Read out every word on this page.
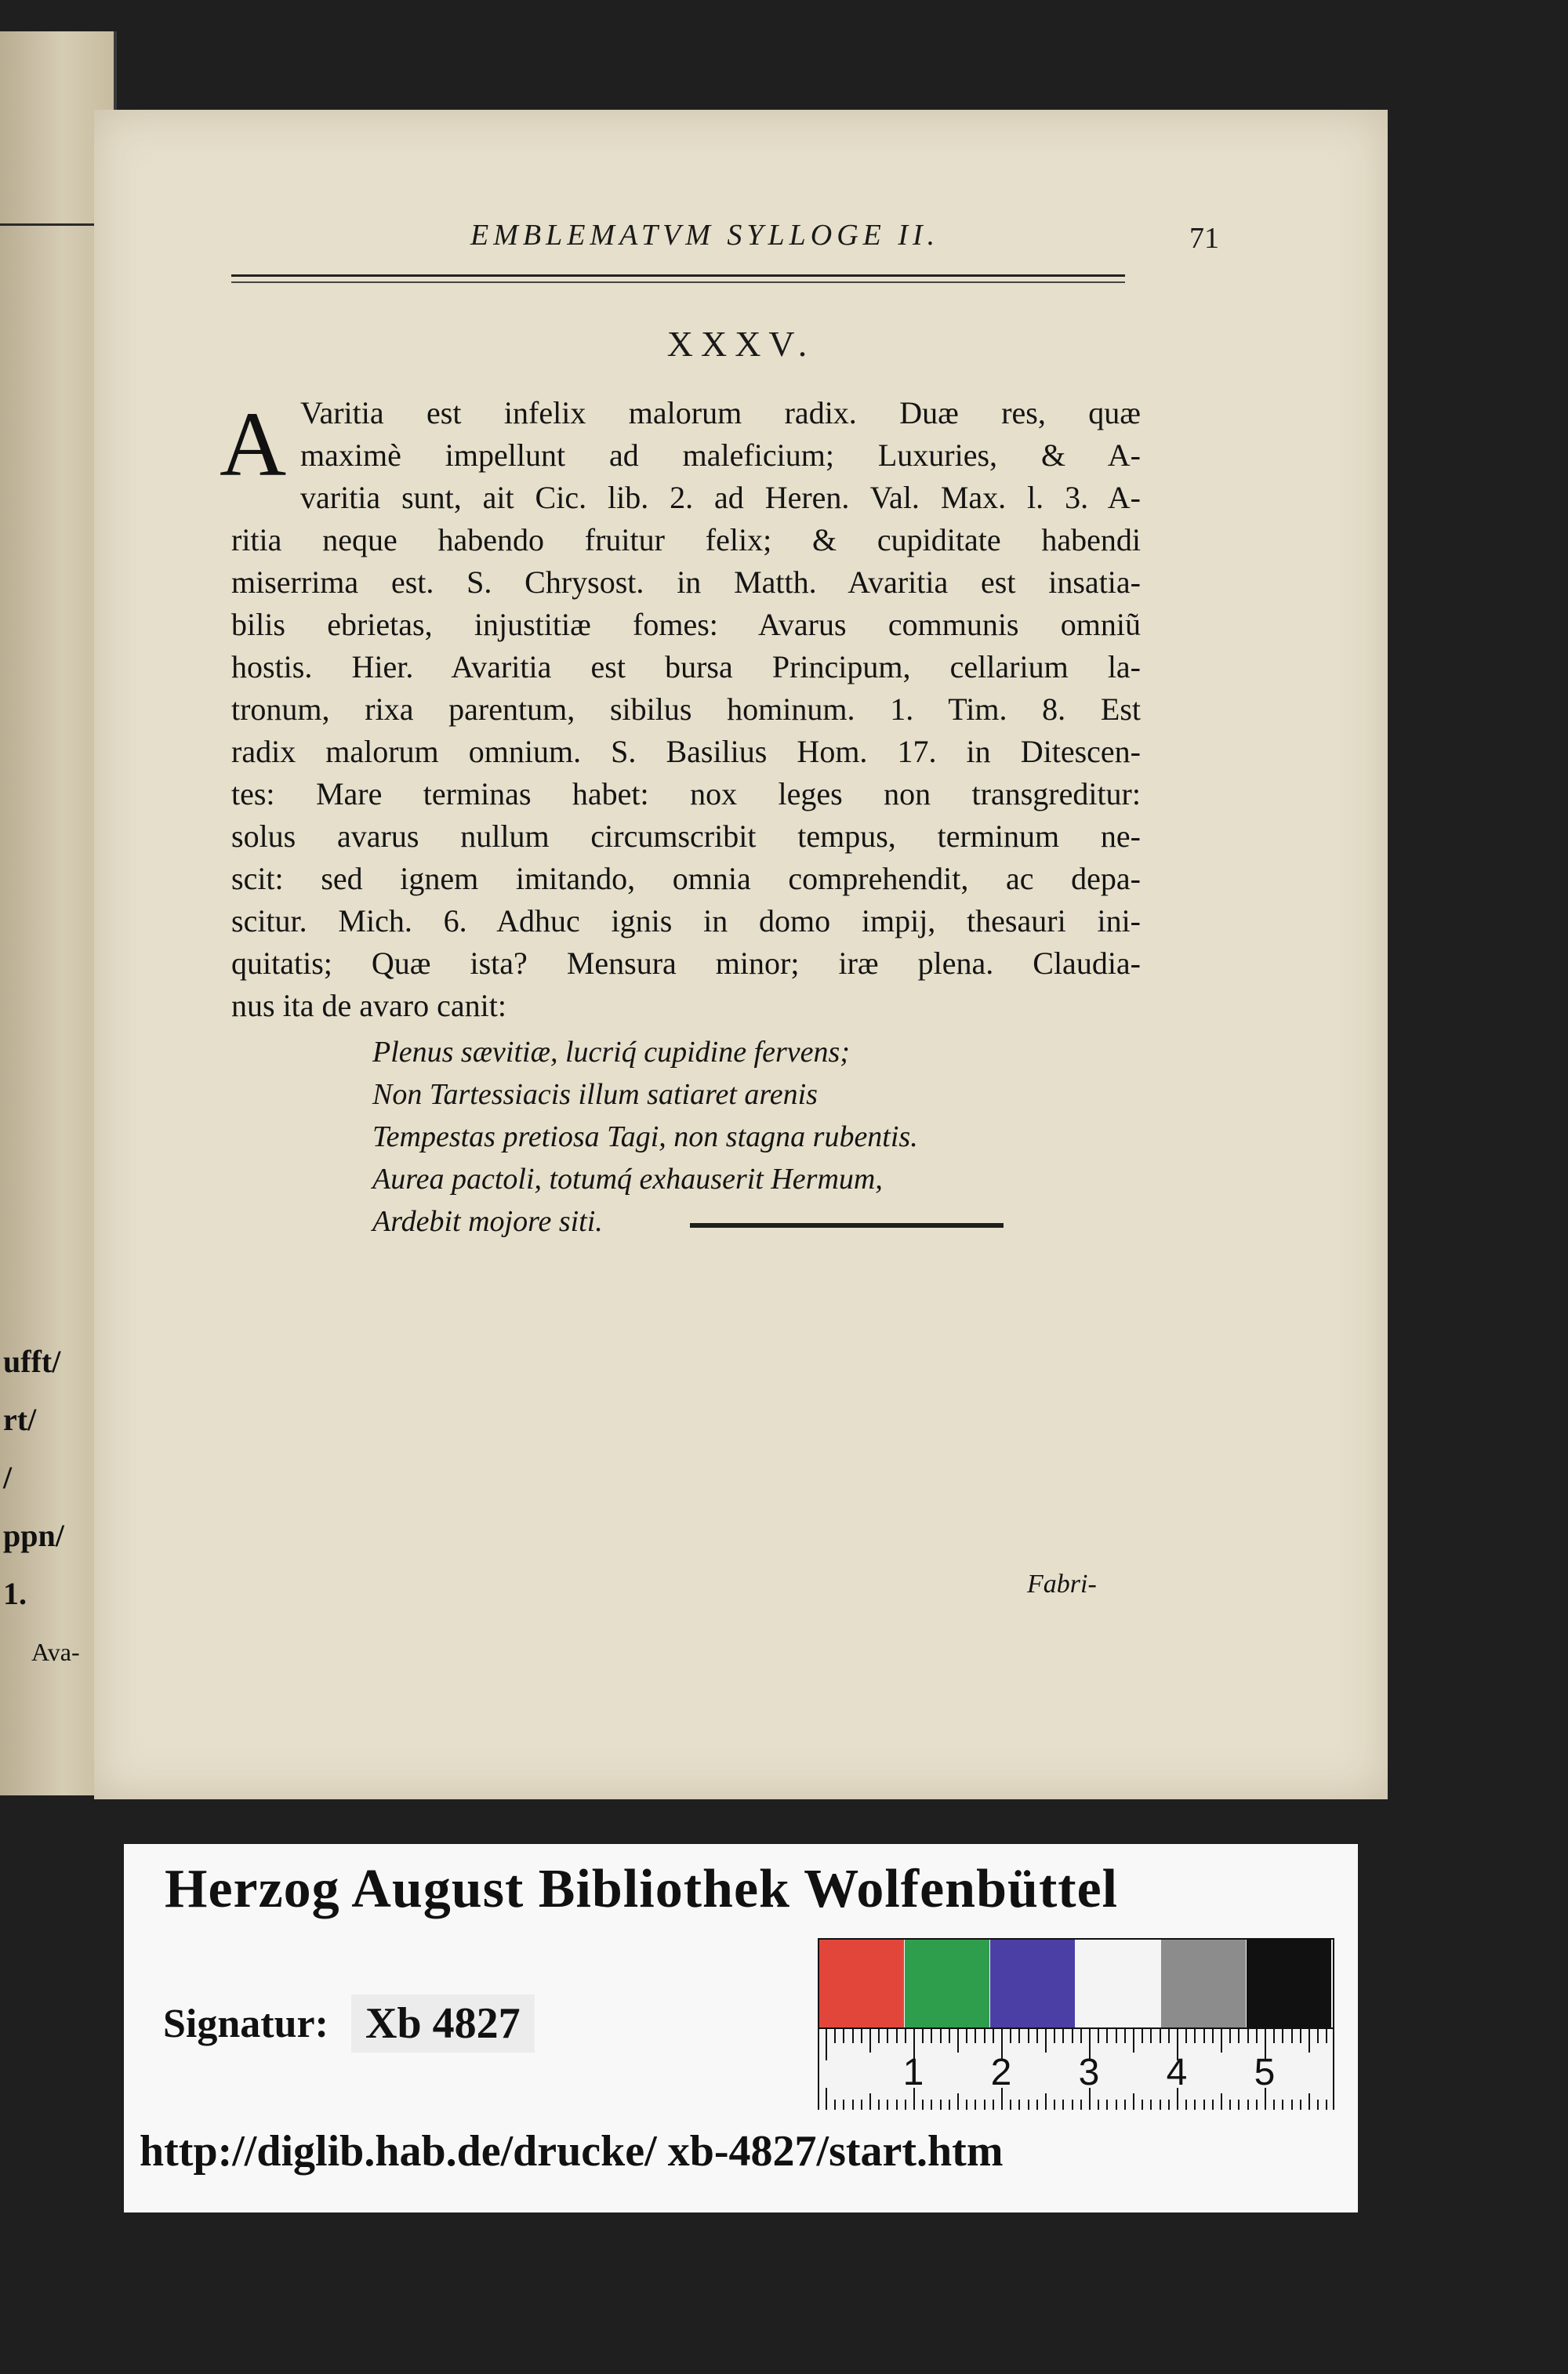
ufft/
rt/
/
ppn/
1.
Ava-
EMBLEMATVM SYLLOGE II.	71
XXXV.
A Varitia est infelix malorum radix. Duæ res, quæ
maximè impellunt ad maleficium; Luxuries, & A-
varitia sunt, ait Cic. lib. 2. ad Heren. Val. Max. l. 3. A-
ritia neque habendo fruitur felix; & cupiditate habendi
miserrima est. S. Chrysost. in Matth. Avaritia est insatia-
bilis ebrietas, injustitiæ fomes: Avarus communis omniũ
hostis. Hier. Avaritia est bursa Principum, cellarium la-
tronum, rixa parentum, sibilus hominum. 1. Tim. 8. Est
radix malorum omnium. S. Basilius Hom. 17. in Ditescen-
tes: Mare terminas habet: nox leges non transgreditur:
solus avarus nullum circumscribit tempus, terminum ne-
scit: sed ignem imitando, omnia comprehendit, ac depa-
scitur. Mich. 6. Adhuc ignis in domo impij, thesauri ini-
quitatis; Quæ ista? Mensura minor; iræ plena. Claudia-
nus ita de avaro canit:
Plenus sævitiæ, lucriq́ cupidine fervens;
Non Tartessiacis illum satiaret arenis
Tempestas pretiosa Tagi, non stagna rubentis.
Aurea pactoli, totumq́ exhauserit Hermum,
Ardebit mojore siti.
Fabri-
Herzog August Bibliothek Wolfenbüttel
Signatur: Xb 4827
http://diglib.hab.de/drucke/ xb-4827/start.htm
1 2 3 4 5
